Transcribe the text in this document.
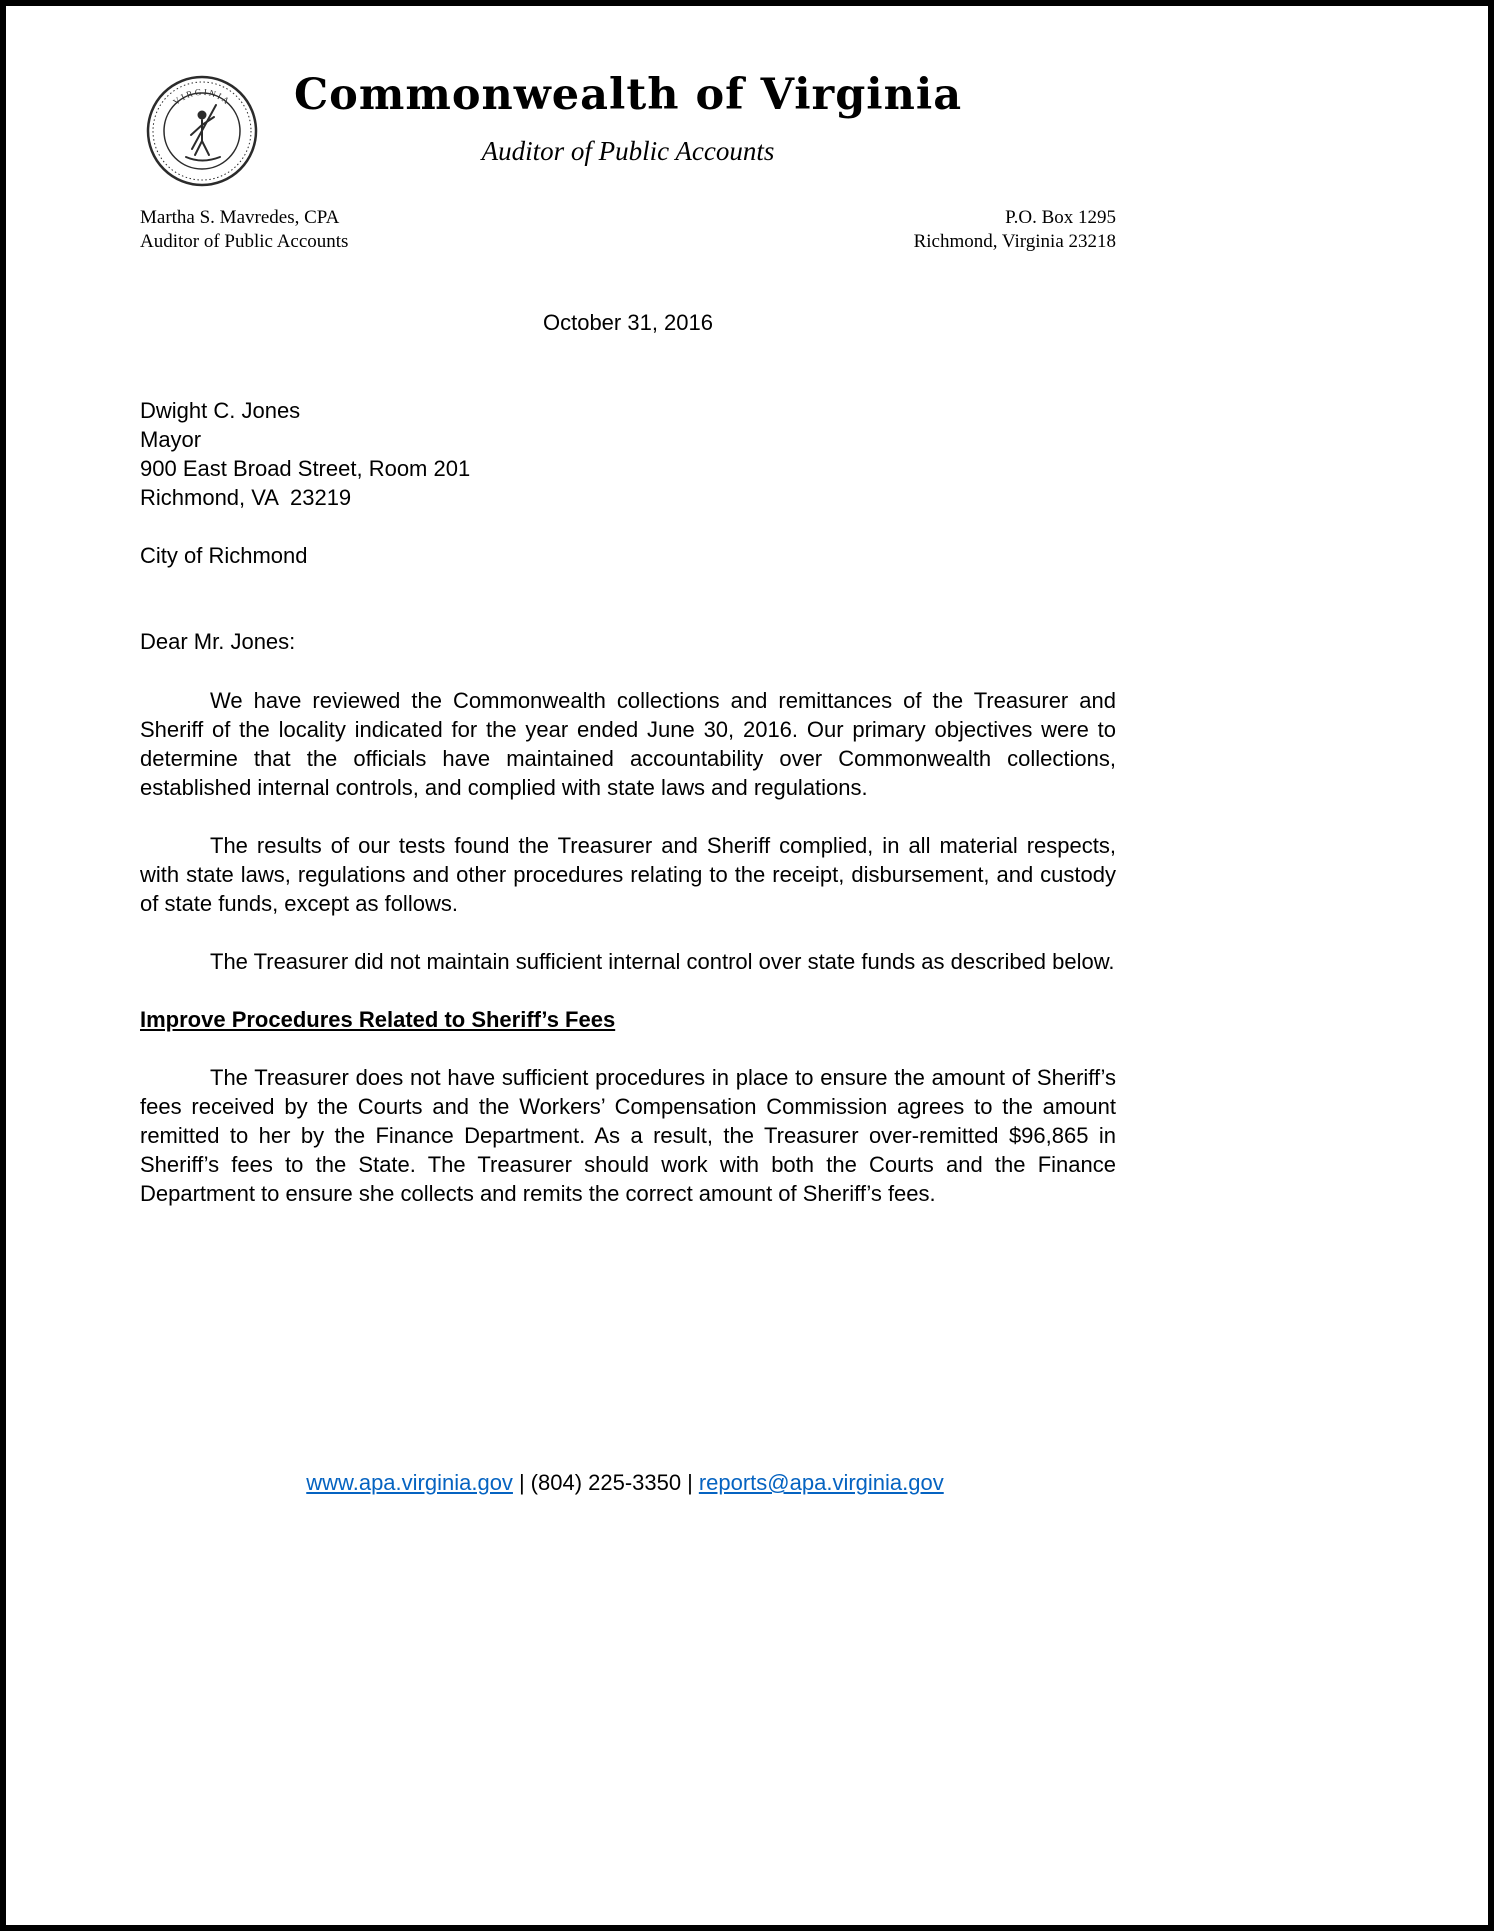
VIRGINIA	Commonwealth of Virginia
Auditor of Public Accounts
Martha S. Mavredes, CPA
Auditor of Public Accounts
P.O. Box 1295
Richmond, Virginia 23218
October 31, 2016
Dwight C. Jones
Mayor
900 East Broad Street, Room 201
Richmond, VA  23219
City of Richmond
Dear Mr. Jones:

We have reviewed the Commonwealth collections and remittances of the Treasurer and Sheriff of the locality indicated for the year ended June 30, 2016. Our primary objectives were to determine that the officials have maintained accountability over Commonwealth collections, established internal controls, and complied with state laws and regulations.

The results of our tests found the Treasurer and Sheriff complied, in all material respects, with state laws, regulations and other procedures relating to the receipt, disbursement, and custody of state funds, except as follows.

The Treasurer did not maintain sufficient internal control over state funds as described below.

Improve Procedures Related to Sheriff’s Fees

The Treasurer does not have sufficient procedures in place to ensure the amount of Sheriff’s fees received by the Courts and the Workers’ Compensation Commission agrees to the amount remitted to her by the Finance Department. As a result, the Treasurer over-remitted $96,865 in Sheriff’s fees to the State. The Treasurer should work with both the Courts and the Finance Department to ensure she collects and remits the correct amount of Sheriff’s fees.

www.apa.virginia.gov | (804) 225-3350 | reports@apa.virginia.gov
